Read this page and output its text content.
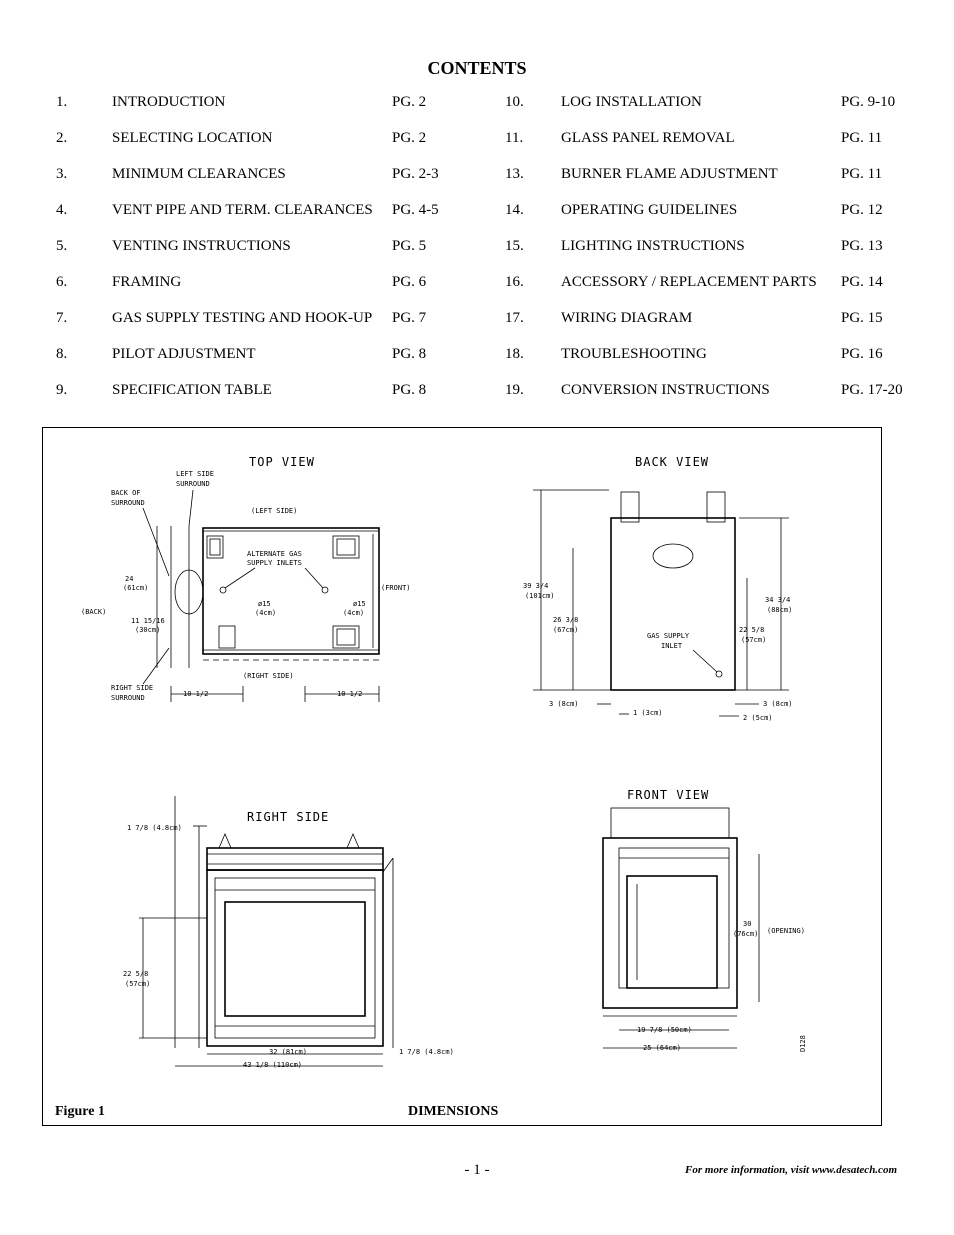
CONTENTS
1.	INTRODUCTION	PG. 2
2.	SELECTING LOCATION	PG. 2
3.	MINIMUM CLEARANCES	PG. 2-3
4.	VENT PIPE AND TERM. CLEARANCES PG. 4-5
5.	VENTING INSTRUCTIONS	PG. 5
6.	FRAMING	PG. 6
7.	GAS SUPPLY TESTING AND HOOK-UP PG. 7
8.	PILOT ADJUSTMENT	PG. 8
9.	SPECIFICATION TABLE	PG. 8
10. LOG INSTALLATION	PG. 9-10
11.	GLASS PANEL REMOVAL	PG. 11
13. BURNER FLAME ADJUSTMENT	PG. 11
14. OPERATING GUIDELINES	PG. 12
15. LIGHTING INSTRUCTIONS	PG. 13
16. ACCESSORY / REPLACEMENT PARTS PG. 14
17. WIRING DIAGRAM	PG. 15
18. TROUBLESHOOTING	PG. 16
19. CONVERSION INSTRUCTIONS	PG. 17-20
TOP VIEW
LEFT SIDE
SURROUND
BACK OF
SURROUND
(LEFT SIDE)
ALTERNATE GAS
SUPPLY INLETS
(FRONT)
(BACK)
24
(61cm)
11 15/16
(30cm)
ø15
(4cm)
ø15
(4cm)
(RIGHT SIDE)
RIGHT SIDE
SURROUND	10 1/2	10 1/2
BACK VIEW
GAS SUPPLY
INLET
39 3/4
(101cm)
26 3/8
(67cm)
34 3/4
(88cm)
22 5/8
(57cm)
3 (8cm)
1 (3cm)
3 (8cm)
2 (5cm)
RIGHT SIDE
1 7/8 (4.8cm)
22 5/8
(57cm)
32 (81cm)	1 7/8 (4.8cm)
43 1/8 (110cm)
FRONT VIEW
30
(76cm) (OPENING)
19 7/8 (50cm)
25 (64cm)	D128
Figure 1	DIMENSIONS
- 1 -	For more information, visit www.desatech.com
